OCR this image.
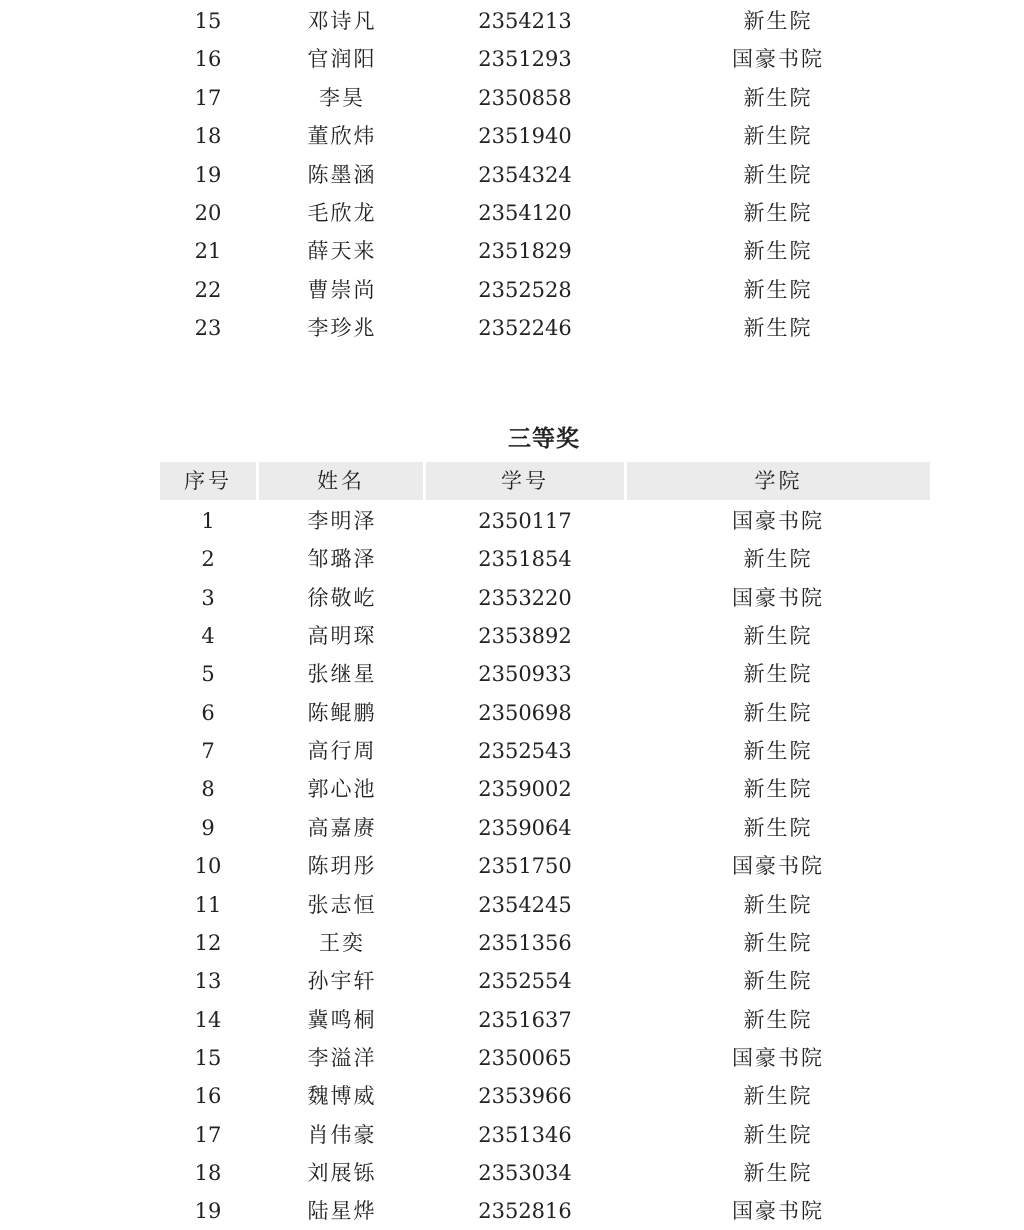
15	邓诗凡	2354213	新生院
16	官润阳	2351293	国豪书院
17	李昊	2350858	新生院
18	董欣炜	2351940	新生院
19	陈墨涵	2354324	新生院
20	毛欣龙	2354120	新生院
21	薛天来	2351829	新生院
22	曹崇尚	2352528	新生院
23	李珍兆	2352246	新生院
三等奖
序号	姓名	学号	学院
1	李明泽	2350117	国豪书院
2	邹璐泽	2351854	新生院
3	徐敬屹	2353220	国豪书院
4	高明琛	2353892	新生院
5	张继星	2350933	新生院
6	陈鲲鹏	2350698	新生院
7	高行周	2352543	新生院
8	郭心池	2359002	新生院
9	高嘉赓	2359064	新生院
10	陈玥彤	2351750	国豪书院
11	张志恒	2354245	新生院
12	王奕	2351356	新生院
13	孙宇轩	2352554	新生院
14	冀鸣桐	2351637	新生院
15	李溢洋	2350065	国豪书院
16	魏博威	2353966	新生院
17	肖伟豪	2351346	新生院
18	刘展铄	2353034	新生院
19	陆星烨	2352816	国豪书院
